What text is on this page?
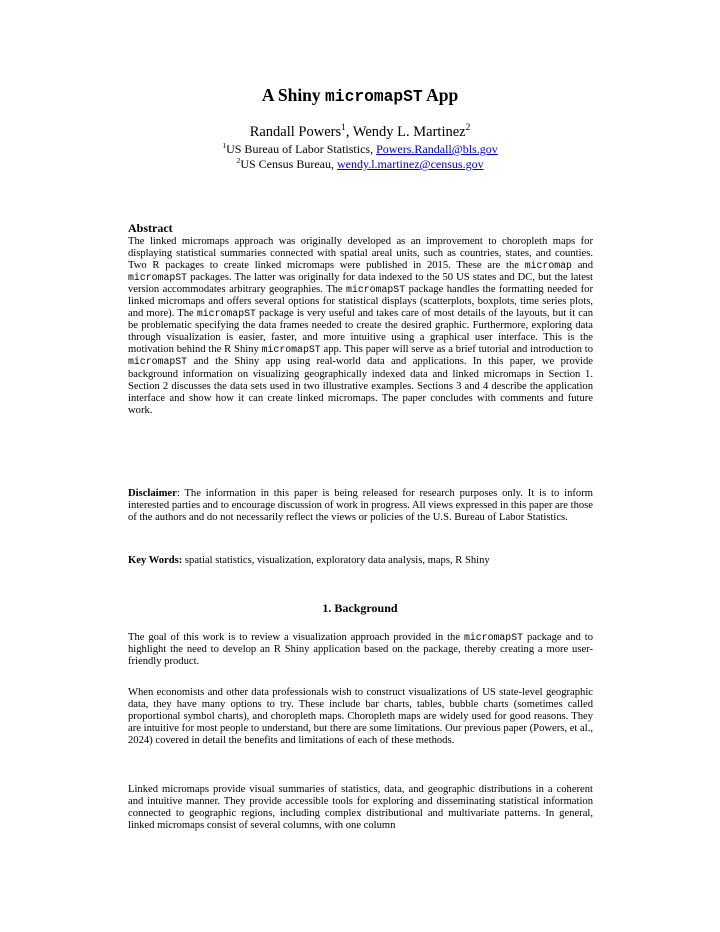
A Shiny micromapST App
Randall Powers$^1$, Wendy L. Martinez$^2$
$^1$US Bureau of Labor Statistics, Powers.Randall@bls.gov
$^2$US Census Bureau, wendy.l.martinez@census.gov
Abstract
The linked micromaps approach was originally developed as an improvement to choropleth maps for displaying statistical summaries connected with spatial areal units, such as countries, states, and counties. Two R packages to create linked micromaps were published in 2015. These are the micromap and micromapST packages. The latter was originally for data indexed to the 50 US states and DC, but the latest version accommodates arbitrary geographies. The micromapST package handles the formatting needed for linked micromaps and offers several options for statistical displays (scatterplots, boxplots, time series plots, and more). The micromapST package is very useful and takes care of most details of the layouts, but it can be problematic specifying the data frames needed to create the desired graphic. Furthermore, exploring data through visualization is easier, faster, and more intuitive using a graphical user interface. This is the motivation behind the R Shiny micromapST app. This paper will serve as a brief tutorial and introduction to micromapST and the Shiny app using real-world data and applications. In this paper, we provide background information on visualizing geographically indexed data and linked micromaps in Section 1. Section 2 discusses the data sets used in two illustrative examples. Sections 3 and 4 describe the application interface and show how it can create linked micromaps. The paper concludes with comments and future work.
Disclaimer: The information in this paper is being released for research purposes only. It is to inform interested parties and to encourage discussion of work in progress. All views expressed in this paper are those of the authors and do not necessarily reflect the views or policies of the U.S. Bureau of Labor Statistics.
Key Words: spatial statistics, visualization, exploratory data analysis, maps, R Shiny
1. Background
The goal of this work is to review a visualization approach provided in the micromapST package and to highlight the need to develop an R Shiny application based on the package, thereby creating a more user-friendly product.
When economists and other data professionals wish to construct visualizations of US state-level geographic data, they have many options to try. These include bar charts, tables, bubble charts (sometimes called proportional symbol charts), and choropleth maps. Choropleth maps are widely used for good reasons. They are intuitive for most people to understand, but there are some limitations. Our previous paper (Powers, et al., 2024) covered in detail the benefits and limitations of each of these methods.
Linked micromaps provide visual summaries of statistics, data, and geographic distributions in a coherent and intuitive manner. They provide accessible tools for exploring and disseminating statistical information connected to geographic regions, including complex distributional and multivariate patterns. In general, linked micromaps consist of several columns, with one column
